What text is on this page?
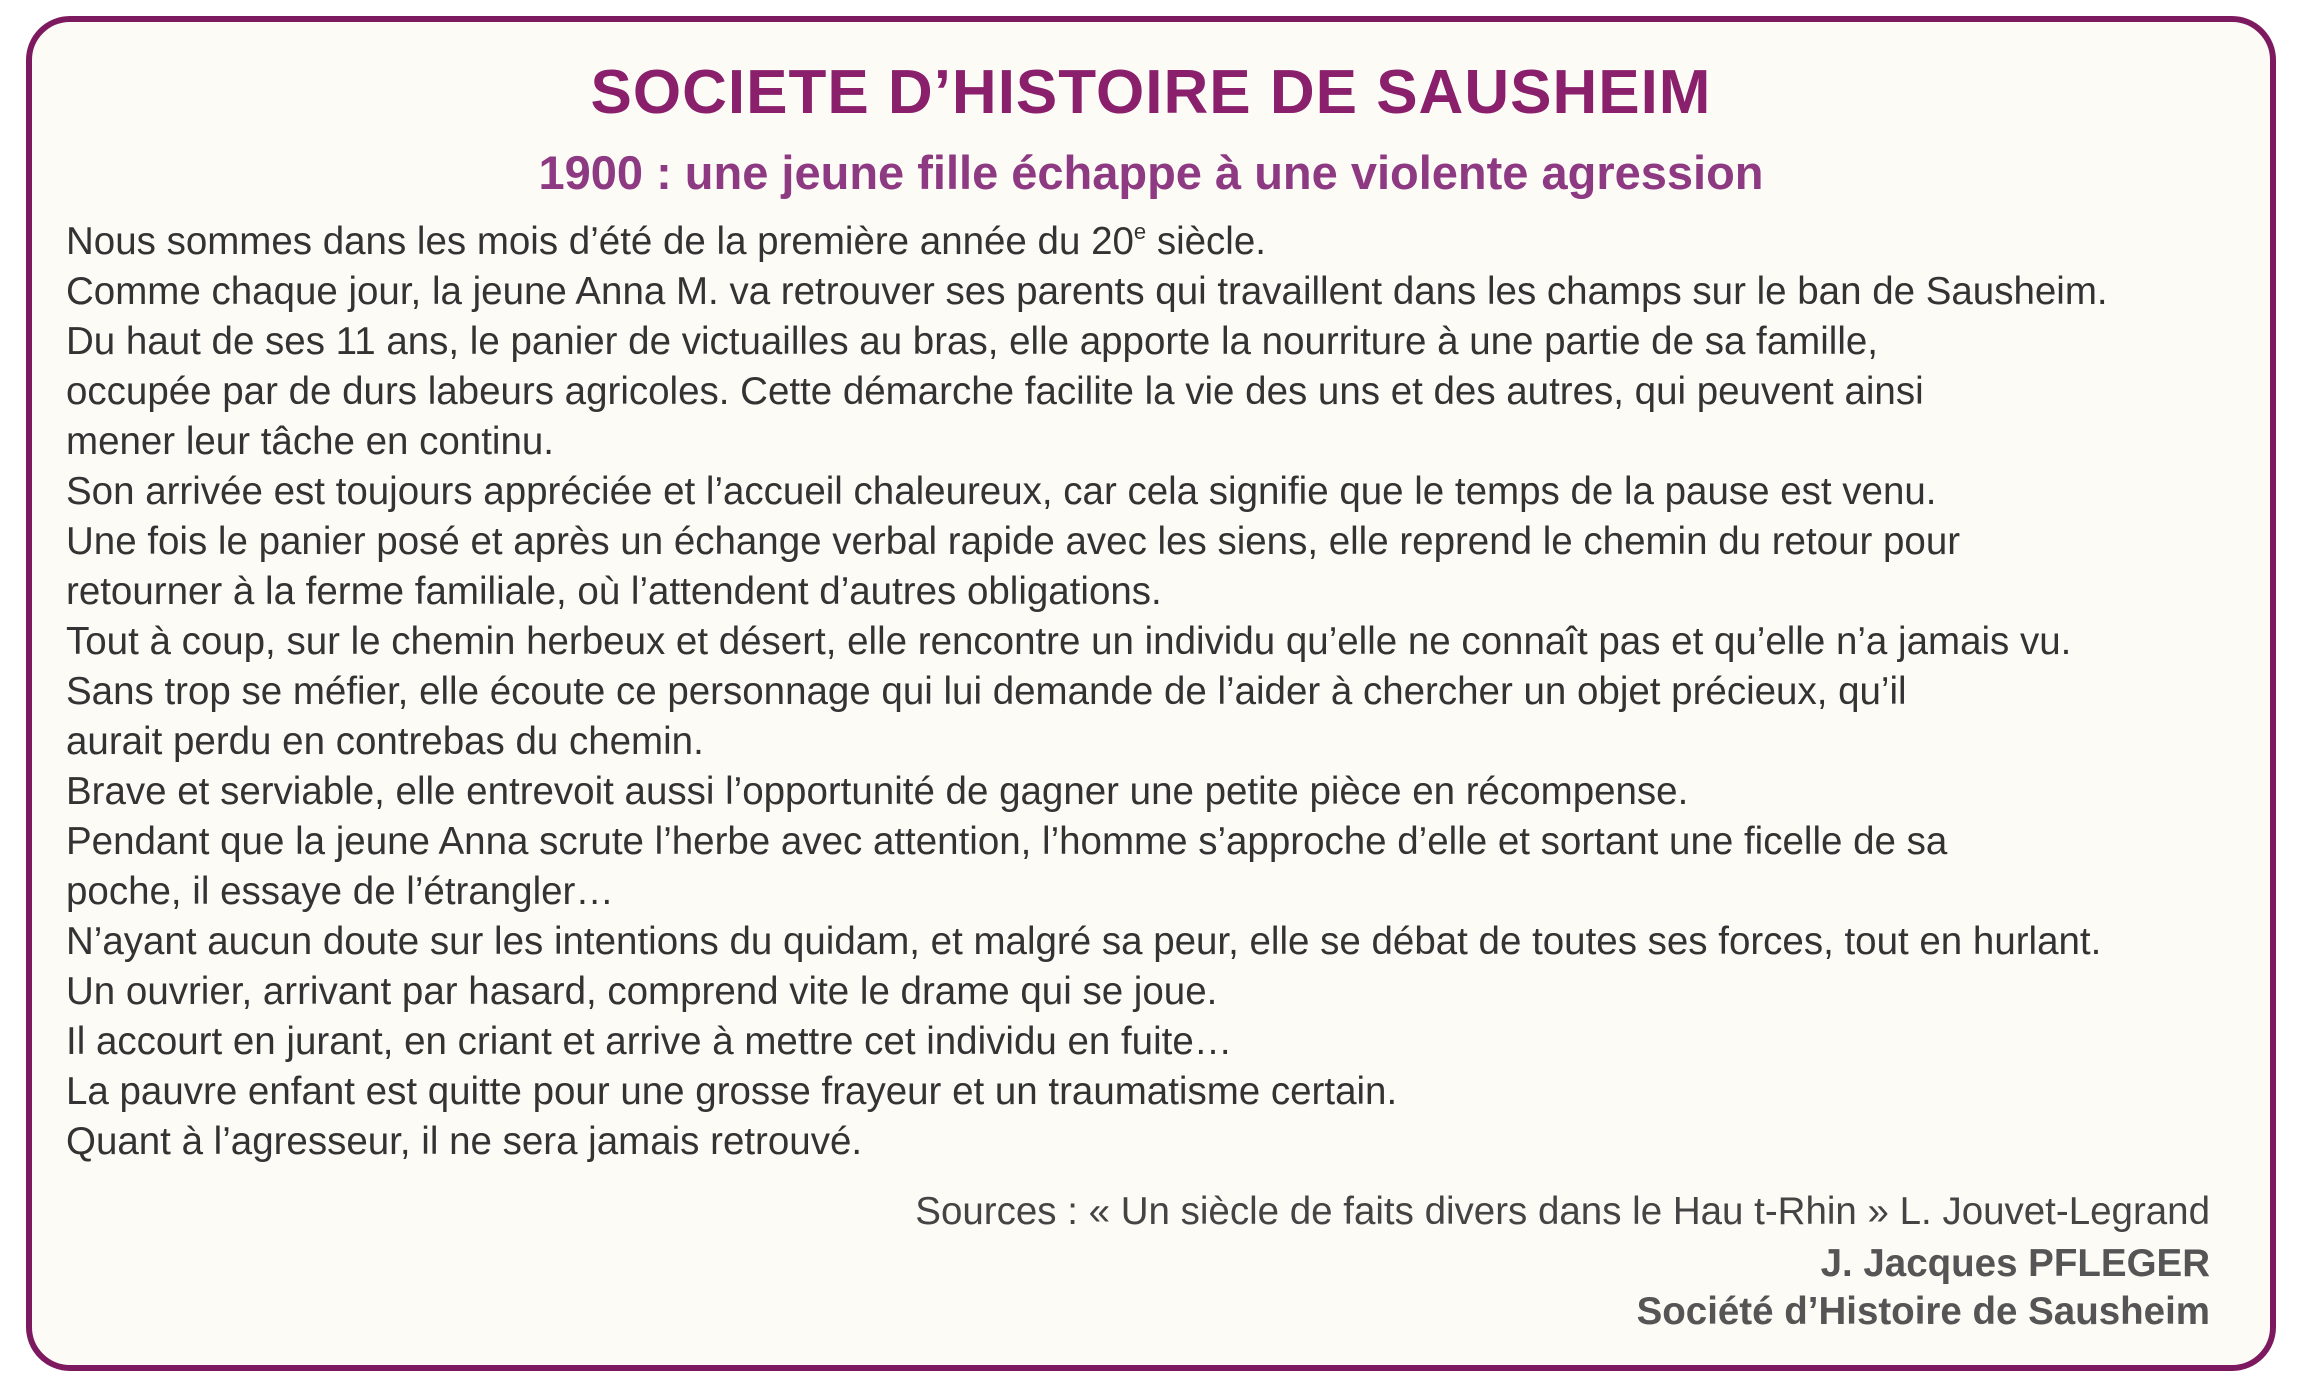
SOCIETE D’HISTOIRE DE SAUSHEIM
1900 : une jeune fille échappe à une violente agression
Nous sommes dans les mois d’été de la première année du 20e siècle.
Comme chaque jour, la jeune Anna M. va retrouver ses parents qui travaillent dans les champs sur le ban de Sausheim.
Du haut de ses 11 ans, le panier de victuailles au bras, elle apporte la nourriture à une partie de sa famille,
occupée par de durs labeurs agricoles. Cette démarche facilite la vie des uns et des autres, qui peuvent ainsi
mener leur tâche en continu.
Son arrivée est toujours appréciée et l’accueil chaleureux, car cela signifie que le temps de la pause est venu.
Une fois le panier posé et après un échange verbal rapide avec les siens, elle reprend le chemin du retour pour
retourner à la ferme familiale, où l’attendent d’autres obligations.
Tout à coup, sur le chemin herbeux et désert, elle rencontre un individu qu’elle ne connaît pas et qu’elle n’a jamais vu.
Sans trop se méfier, elle écoute ce personnage qui lui demande de l’aider à chercher un objet précieux, qu’il
aurait perdu en contrebas du chemin.
Brave et serviable, elle entrevoit aussi l’opportunité de gagner une petite pièce en récompense.
Pendant que la jeune Anna scrute l’herbe avec attention, l’homme s’approche d’elle et sortant une ficelle de sa
poche, il essaye de l’étrangler…
N’ayant aucun doute sur les intentions du quidam, et malgré sa peur, elle se débat de toutes ses forces, tout en hurlant.
Un ouvrier, arrivant par hasard, comprend vite le drame qui se joue.
Il accourt en jurant, en criant et arrive à mettre cet individu en fuite…
La pauvre enfant est quitte pour une grosse frayeur et un traumatisme certain.
Quant à l’agresseur, il ne sera jamais retrouvé.
Sources : « Un siècle de faits divers dans le Hau t-Rhin » L. Jouvet-Legrand
J. Jacques PFLEGER
Société d’Histoire de Sausheim
